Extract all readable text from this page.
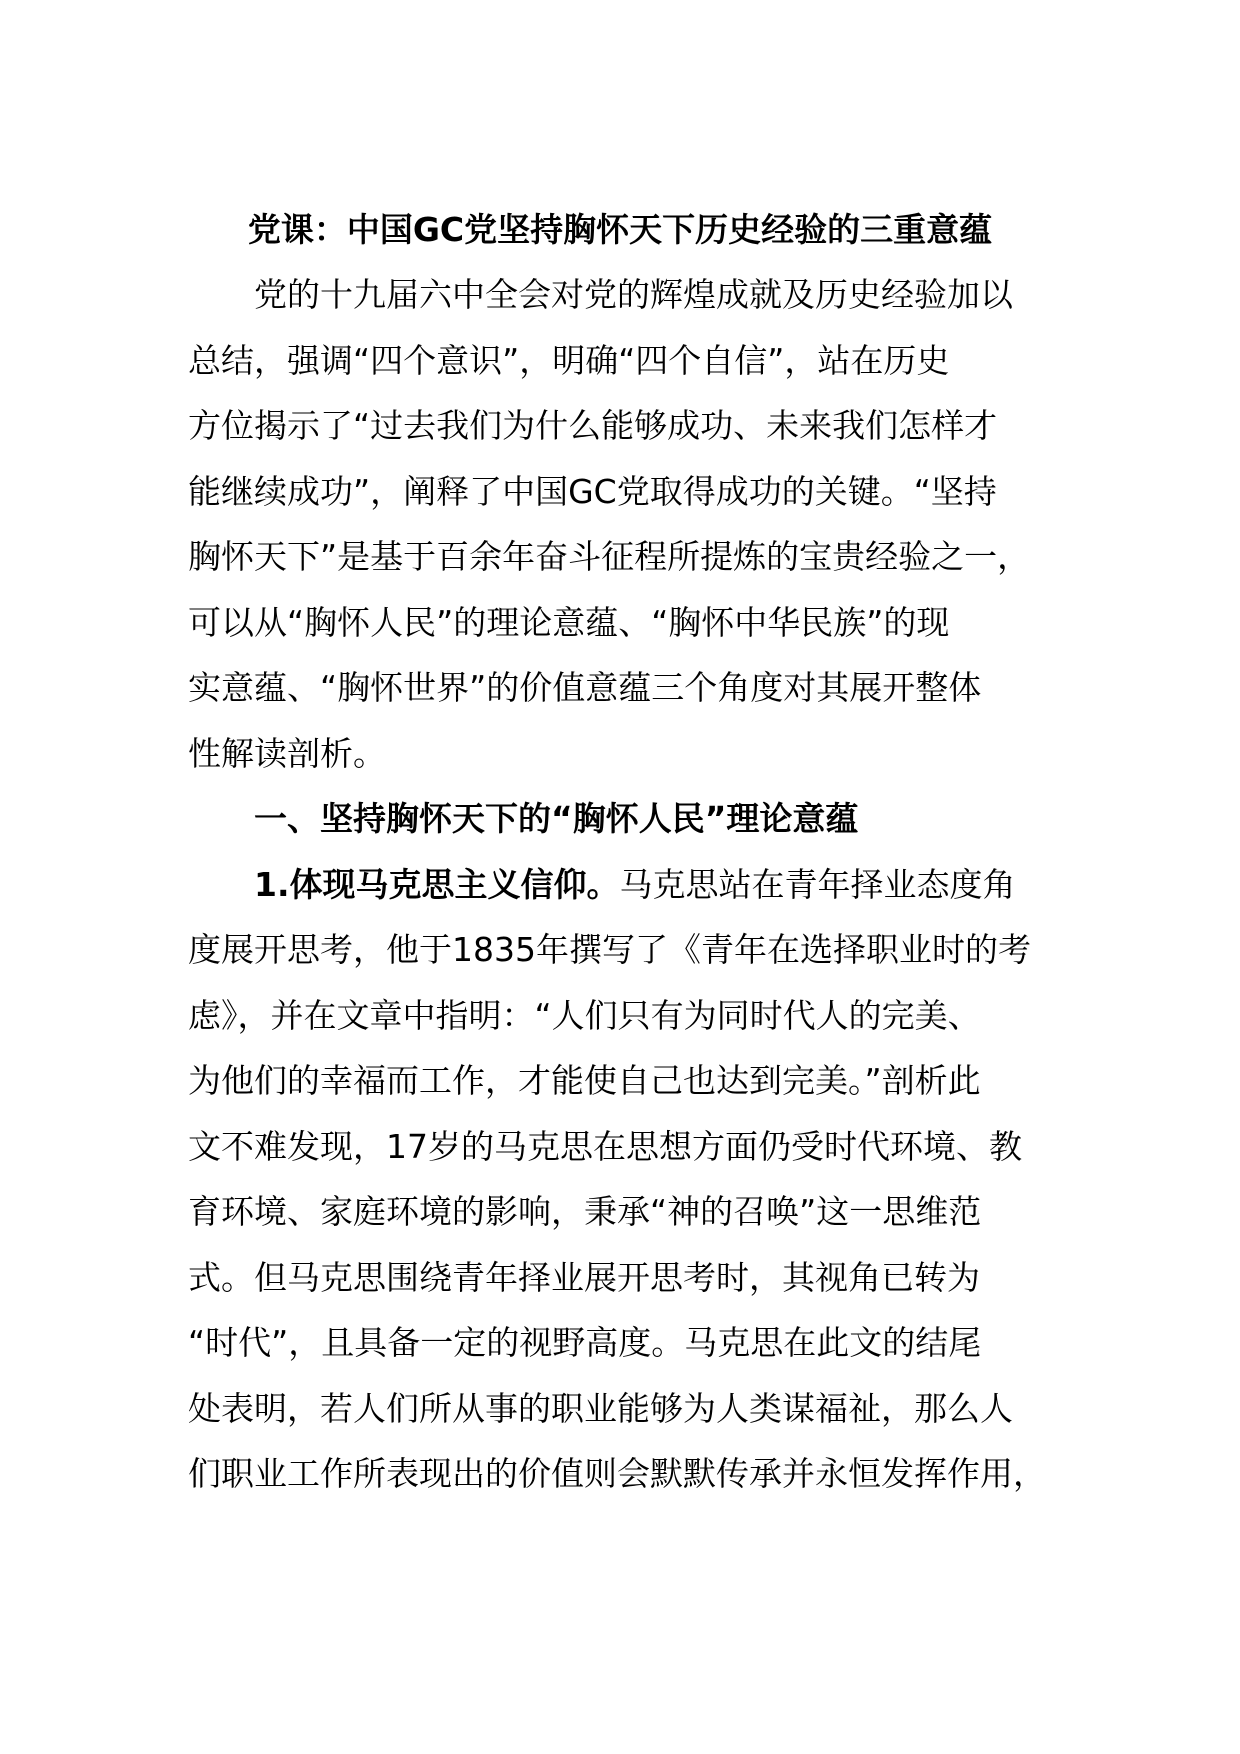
党课：中国GC党坚持胸怀天下历史经验的三重意蕴
党的十九届六中全会对党的辉煌成就及历史经验加以
总结，强调“四个意识”，明确“四个自信”，站在历史
方位揭示了“过去我们为什么能够成功、未来我们怎样才
能继续成功”，阐释了中国GC党取得成功的关键。“坚持
胸怀天下”是基于百余年奋斗征程所提炼的宝贵经验之一，
可以从“胸怀人民”的理论意蕴、“胸怀中华民族”的现
实意蕴、“胸怀世界”的价值意蕴三个角度对其展开整体
性解读剖析。
一、坚持胸怀天下的“胸怀人民”理论意蕴
1.体现马克思主义信仰。马克思站在青年择业态度角
度展开思考，他于1835年撰写了《青年在选择职业时的考
虑》，并在文章中指明：“人们只有为同时代人的完美、
为他们的幸福而工作，才能使自己也达到完美。”剖析此
文不难发现，17岁的马克思在思想方面仍受时代环境、教
育环境、家庭环境的影响，秉承“神的召唤”这一思维范
式。但马克思围绕青年择业展开思考时，其视角已转为
“时代”，且具备一定的视野高度。马克思在此文的结尾
处表明，若人们所从事的职业能够为人类谋福祉，那么人
们职业工作所表现出的价值则会默默传承并永恒发挥作用，
